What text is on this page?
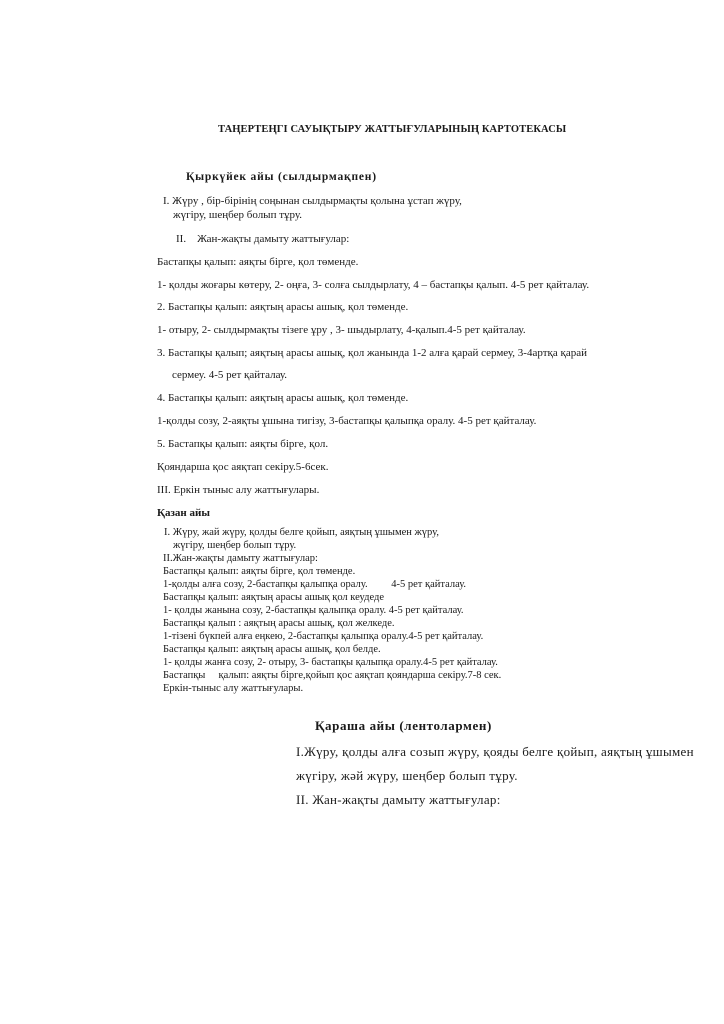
ТАҢЕРТЕҢГІ САУЫҚТЫРУ ЖАТТЫҒУЛАРЫНЫҢ КАРТОТЕКАСЫ
Қыркүйек айы (сылдырмақпен)
I. Жүру , бір-бірінің соңынан сылдырмақты қолына ұстап жүру,
жүгіру, шеңбер болып тұру.
II.    Жан-жақты дамыту жаттығулар:
Бастапқы қалып: аяқты бірге, қол төменде.
1- қолды жоғары көтеру, 2- оңға, 3- солға сылдырлату, 4 – бастапқы қалып. 4-5 рет қайталау.
2. Бастапқы қалып: аяқтың арасы ашық, қол төменде.
1- отыру, 2- сылдырмақты тізеге ұру , 3- шыдырлату, 4-қалып.4-5 рет қайталау.
3. Бастапқы қалып; аяқтың арасы ашық, қол жанында 1-2 алға қарай сермеу, 3-4артқа қарай
сермеу. 4-5 рет қайталау.
4. Бастапқы қалып: аяқтың арасы ашық, қол төменде.
1-қолды созу, 2-аяқты ұшына тигізу, 3-бастапқы қалыпқа оралу. 4-5 рет қайталау.
5. Бастапқы қалып: аяқты бірге, қол.
Қояндарша қос аяқтап секіру.5-6сек.
III. Еркін тыныс алу жаттығулары.
Қазан айы
I. Жүру, жай жүру, қолды белге қойып, аяқтың ұшымен жүру,
жүгіру, шеңбер болып тұру.
II.Жан-жақты дамыту жаттығулар:
Бастапқы қалып: аяқты бірге, қол төменде.
1-қолды алға созу, 2-бастапқы қалыпқа оралу.         4-5 рет қайталау.
Бастапқы қалып: аяқтың арасы ашық қол кеудеде
1- қолды жанына созу, 2-бастапқы қалыпқа оралу. 4-5 рет қайталау.
Бастапқы қалып : аяқтың арасы ашық, қол желкеде.
1-тізені бүкпей алға еңкею, 2-бастапқы қалыпқа оралу.4-5 рет қайталау.
Бастапқы қалып: аяқтың арасы ашық, қол белде.
1- қолды жанға созу, 2- отыру, 3- бастапқы қалыпқа оралу.4-5 рет қайталау.
Бастапқы     қалып: аяқты бірге,қойып қос аяқтап қояндарша секіру.7-8 сек.
Еркін-тыныс алу жаттығулары.
Қараша айы (лентолармен)
I.Жүру, қолды алға созып жүру, қояды белге қойып, аяқтың ұшымен
жүгіру, жәй жүру, шеңбер болып тұру.
II. Жан-жақты дамыту жаттығулар:
